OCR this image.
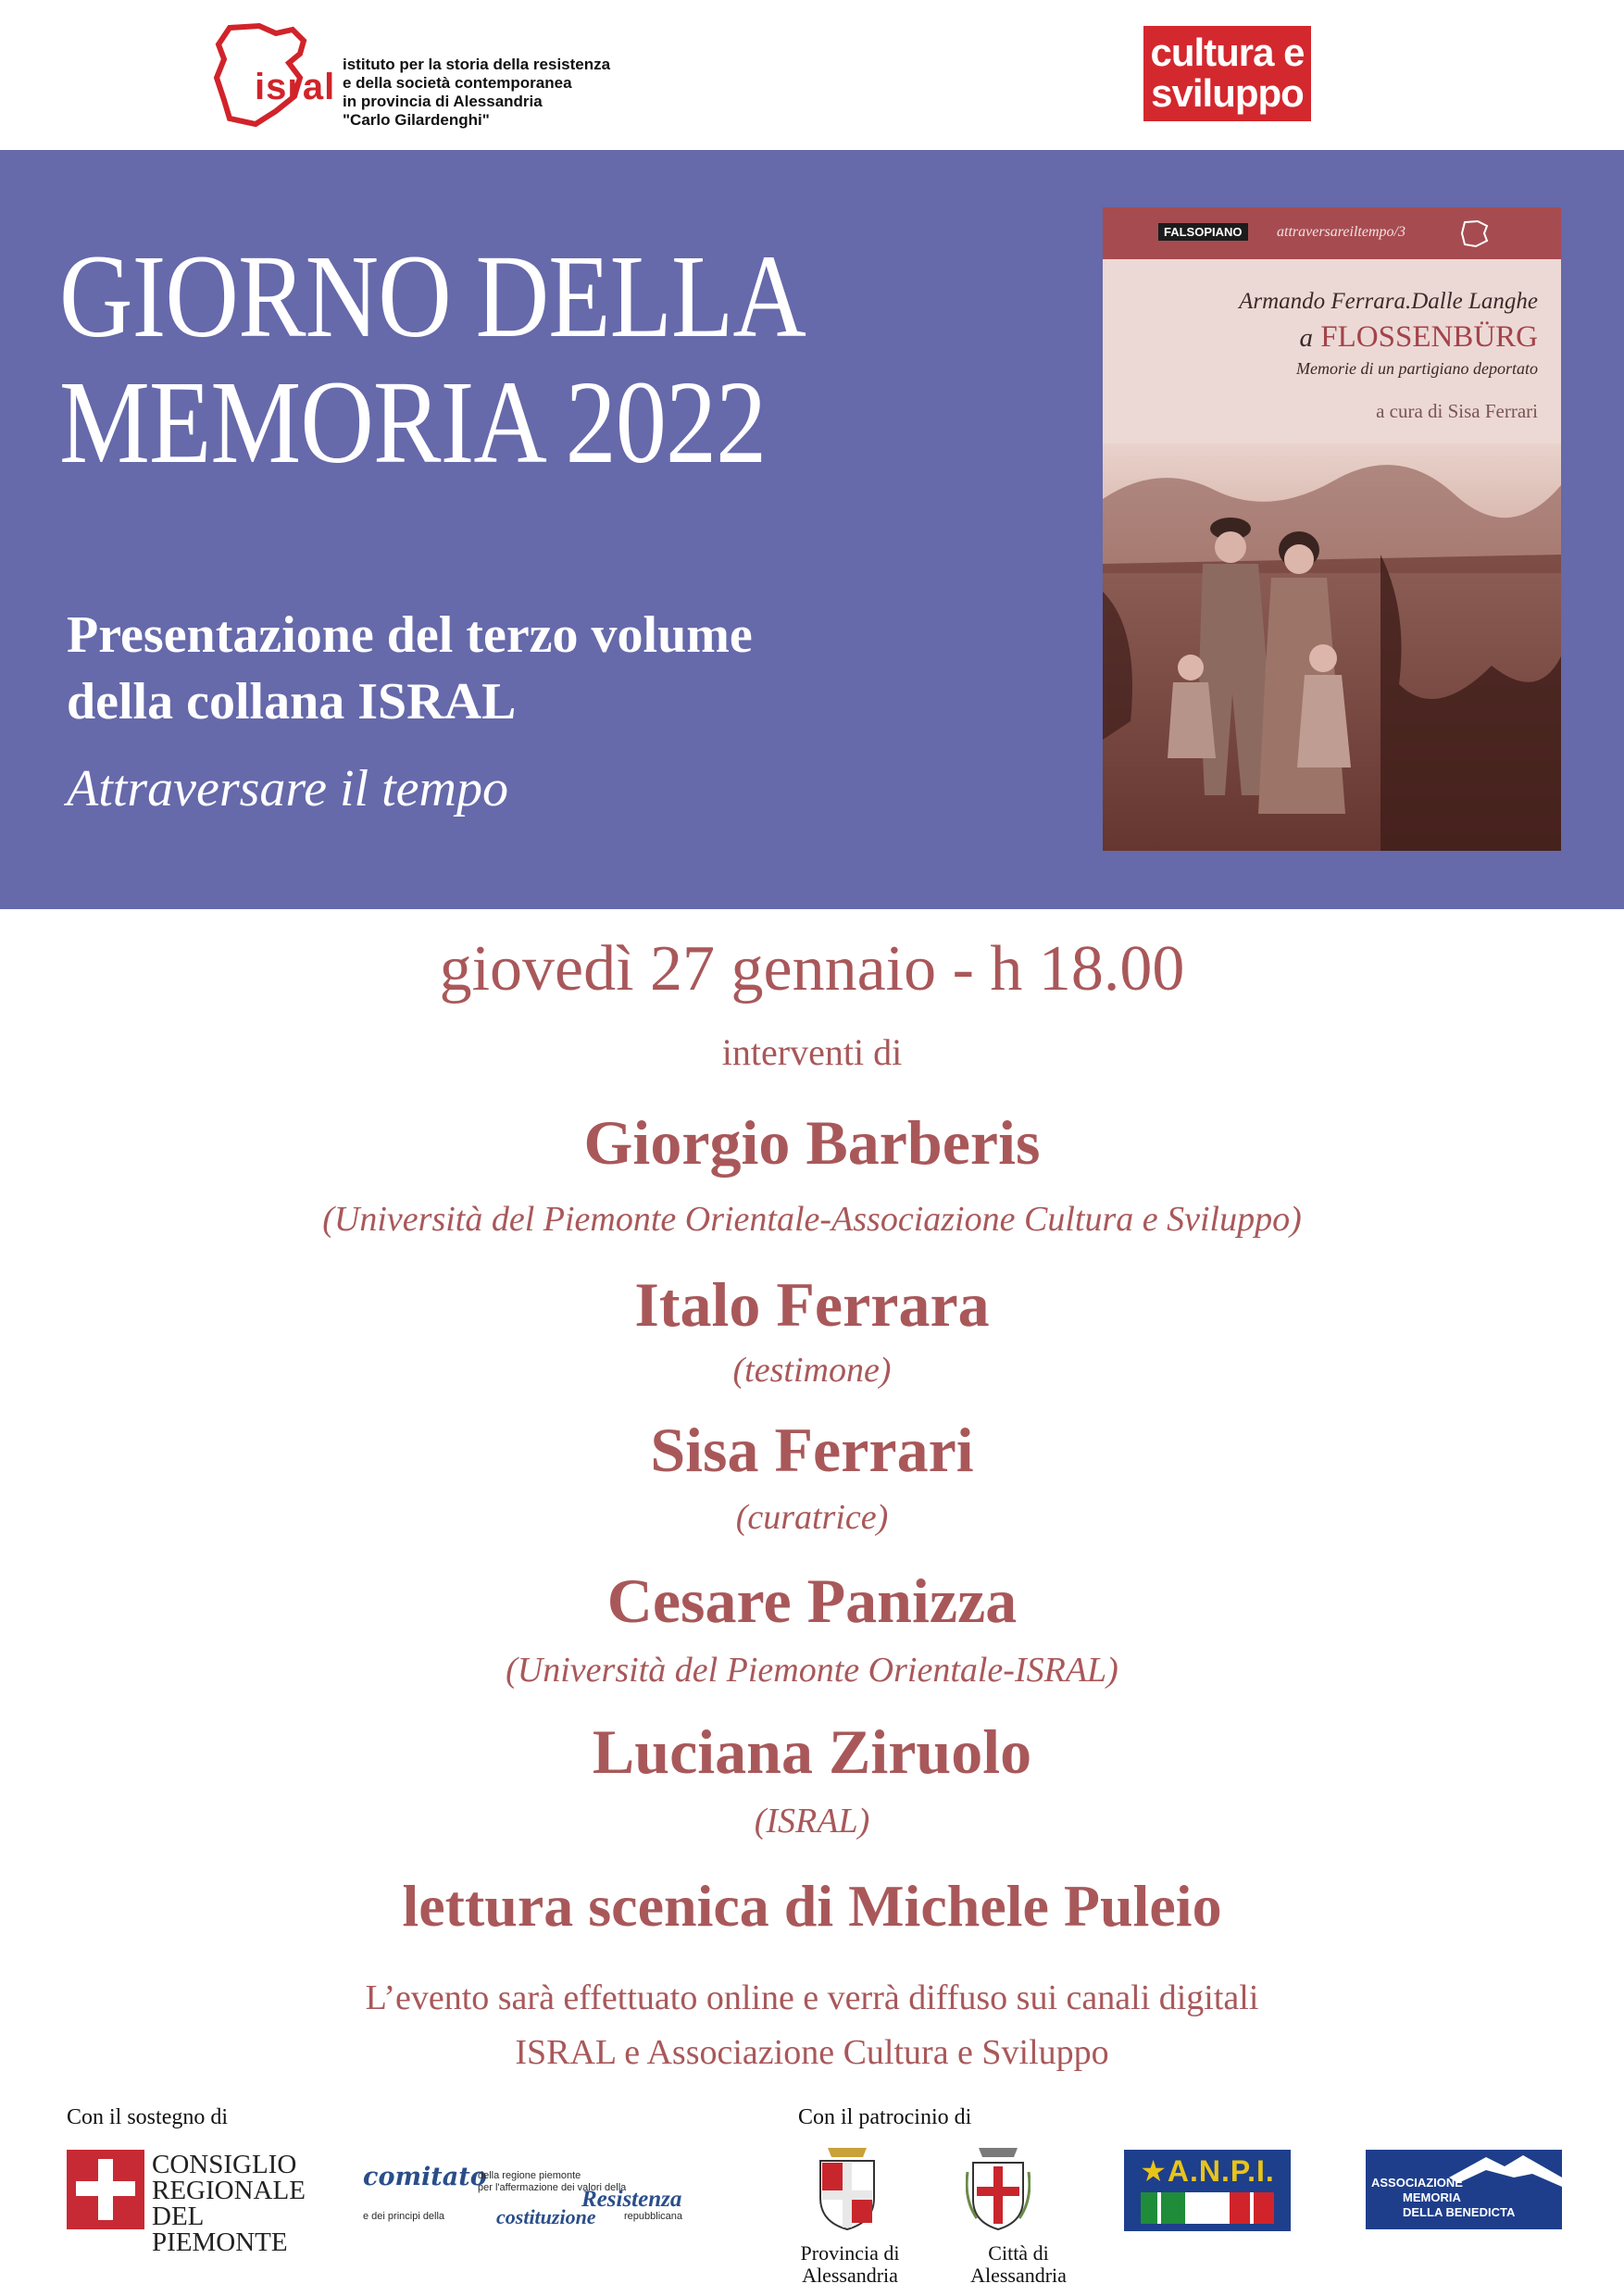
isral
istituto per la storia della resistenza
e della società contemporanea
in provincia di Alessandria
"Carlo Gilardenghi"
cultura e
sviluppo
GIORNO DELLA
MEMORIA 2022
Presentazione del terzo volume
della collana ISRAL
Attraversare il tempo
FALSOPIANO	attraversareiltempo/3
Armando Ferrara.Dalle Langhe
a FLOSSENBÜRG
Memorie di un partigiano deportato
a cura di Sisa Ferrari
giovedì 27 gennaio - h 18.00
interventi di
Giorgio Barberis
(Università del Piemonte Orientale-Associazione Cultura e Sviluppo)
Italo Ferrara
(testimone)
Sisa Ferrari
(curatrice)
Cesare Panizza
(Università del Piemonte Orientale-ISRAL)
Luciana Ziruolo
(ISRAL)
lettura scenica di Michele Puleio
L’evento sarà effettuato online e verrà diffuso sui canali digitali
ISRAL e Associazione Cultura e Sviluppo
Con il sostegno di	Con il patrocinio di
CONSIGLIO
REGIONALE
DEL PIEMONTE
comitato
della regione piemonte
per l'affermazione dei valori della
Resistenza
e dei principi della	costituzione	repubblicana
Provincia di
Alessandria
Città di
Alessandria
★A.N.P.I.	ASSOCIAZIONE
MEMORIA
DELLA BENEDICTA
